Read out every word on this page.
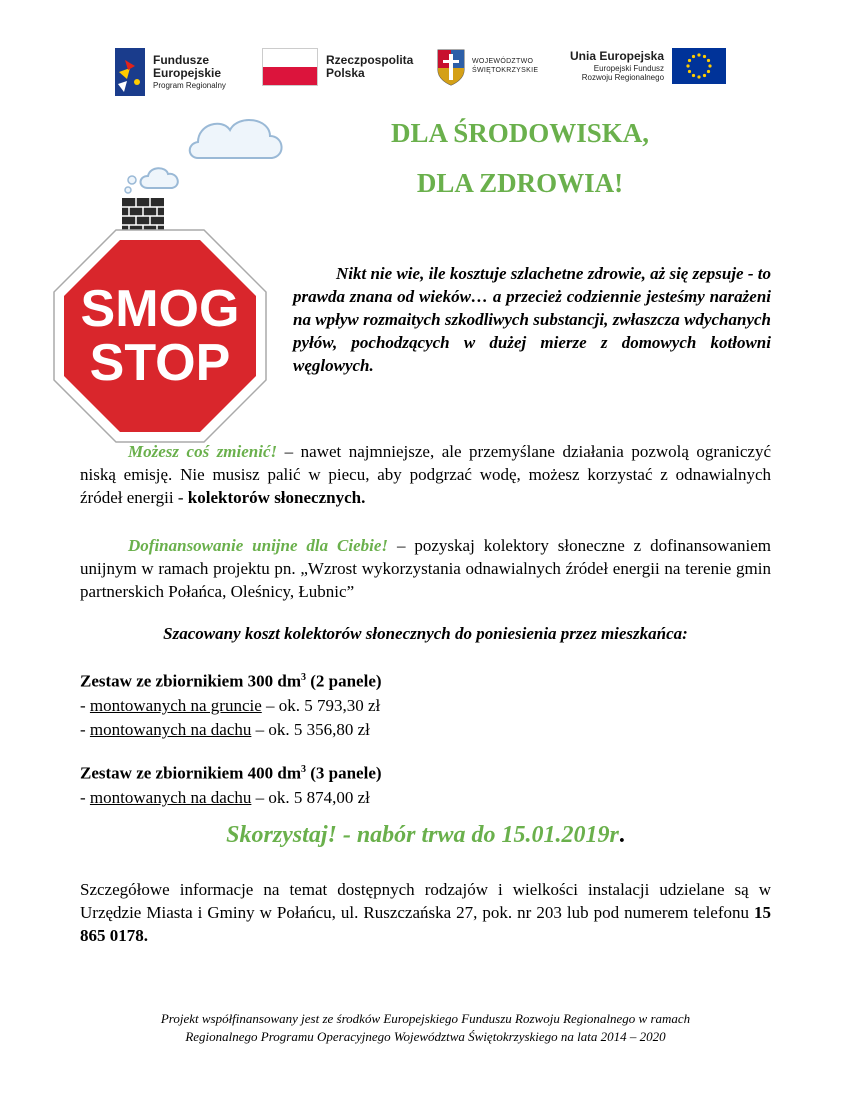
Fundusze
Europejskie
Program Regionalny
Rzeczpospolita
Polska
WOJEWÓDZTWO
ŚWIĘTOKRZYSKIE
Unia Europejska
Europejski Fundusz
Rozwoju Regionalnego
SMOG
STOP
DLA ŚRODOWISKA,
DLA ZDROWIA!

Nikt nie wie, ile kosztuje szlachetne zdrowie, aż się zepsuje - to prawda znana od wieków… a przecież codziennie jesteśmy narażeni na wpływ rozmaitych szkodliwych substancji, zwłaszcza wdychanych pyłów, pochodzących w dużej mierze z domowych kotłowni węglowych.

Możesz coś zmienić! – nawet najmniejsze, ale przemyślane działania pozwolą ograniczyć niską emisję. Nie musisz palić w piecu, aby podgrzać wodę, możesz korzystać z odnawialnych źródeł energii - kolektorów słonecznych.

Dofinansowanie unijne dla Ciebie! – pozyskaj kolektory słoneczne z dofinansowaniem unijnym w ramach projektu pn. „Wzrost wykorzystania odnawialnych źródeł energii na terenie gmin partnerskich Połańca, Oleśnicy, Łubnic”

Szacowany koszt kolektorów słonecznych do poniesienia przez mieszkańca:

Zestaw ze zbiornikiem 300 $dm^3$ (2 panele)
- montowanych na gruncie – ok. 5 793,30 zł
- montowanych na dachu – ok. 5 356,80 zł
Zestaw ze zbiornikiem 400 $dm^3$ (3 panele)
- montowanych na dachu – ok. 5 874,00 zł

Skorzystaj! - nabór trwa do 15.01.2019r.

Szczegółowe informacje na temat dostępnych rodzajów i wielkości instalacji udzielane są w Urzędzie Miasta i Gminy w Połańcu, ul. Ruszczańska 27, pok. nr 203 lub pod numerem telefonu 15 865 0178.

Projekt współfinansowany jest ze środków Europejskiego Funduszu Rozwoju Regionalnego w ramach
Regionalnego Programu Operacyjnego Województwa Świętokrzyskiego na lata 2014 – 2020
